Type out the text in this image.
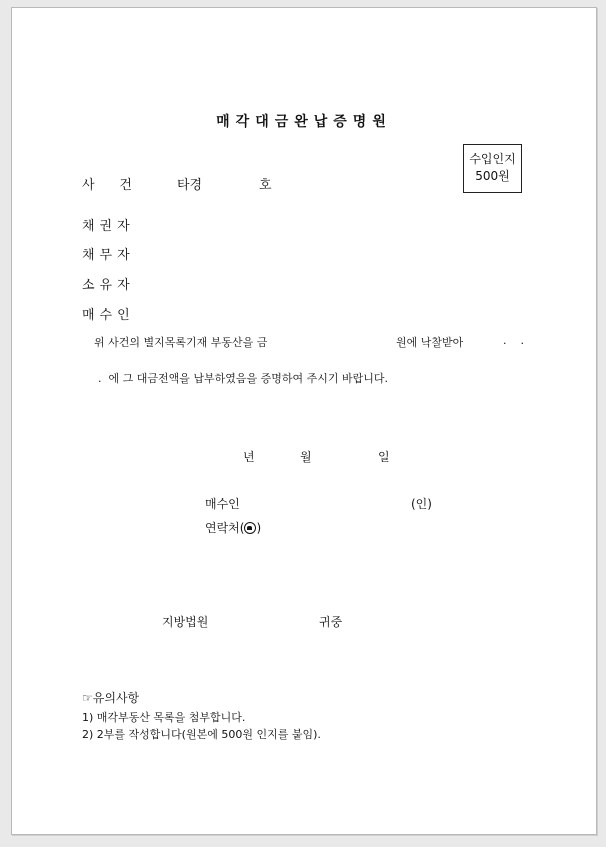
매각대금완납증명원
수입인지
500원
사      건	타경	호
채권자
채무자
소유자
매수인
위 사건의 별지목록기재 부동산을 금	원에 낙찰받아	.    .
.  에 그 대금전액을 납부하였음을 증명하여 주시기 바랍니다.
년	월	일
매수인	(인)
연락처( )
지방법원	귀중
☞유의사항
1) 매각부동산 목록을 첨부합니다.
2) 2부를 작성합니다(원본에 500원 인지를 붙임).
